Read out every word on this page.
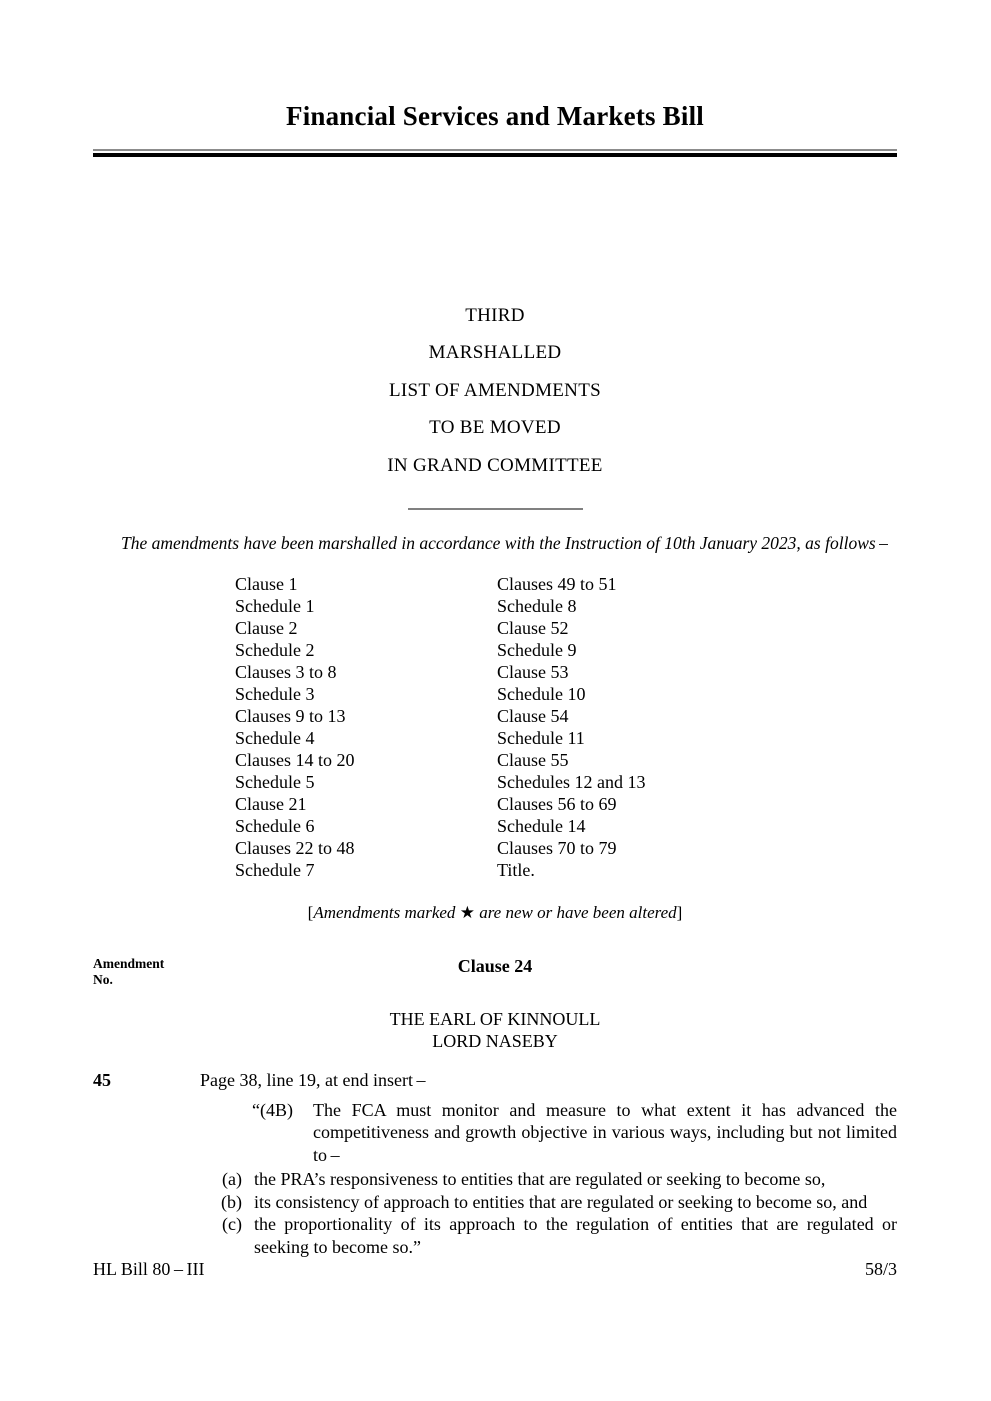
Financial Services and Markets Bill
THIRD
MARSHALLED
LIST OF AMENDMENTS
TO BE MOVED
IN GRAND COMMITTEE

The amendments have been marshalled in accordance with the Instruction of 10th January 2023, as follows –

Clause 1
Schedule 1
Clause 2
Schedule 2
Clauses 3 to 8
Schedule 3
Clauses 9 to 13
Schedule 4
Clauses 14 to 20
Schedule 5
Clause 21
Schedule 6
Clauses 22 to 48
Schedule 7

Clauses 49 to 51
Schedule 8
Clause 52
Schedule 9
Clause 53
Schedule 10
Clause 54
Schedule 11
Clause 55
Schedules 12 and 13
Clauses 56 to 69
Schedule 14
Clauses 70 to 79
Title.
[Amendments marked ★ are new or have been altered]
Amendment
No.
Clause 24
THE EARL OF KINNOULL
LORD NASEBY
45	Page 38, line 19, at end insert –
“(4B) The FCA must monitor and measure to what extent it has advanced the competitiveness and growth objective in various ways, including but not limited to –
(a) the PRA’s responsiveness to entities that are regulated or seeking to become so,
(b) its consistency of approach to entities that are regulated or seeking to become so, and
(c) the proportionality of its approach to the regulation of entities that are regulated or seeking to become so.”
HL Bill 80 – III	58/3
